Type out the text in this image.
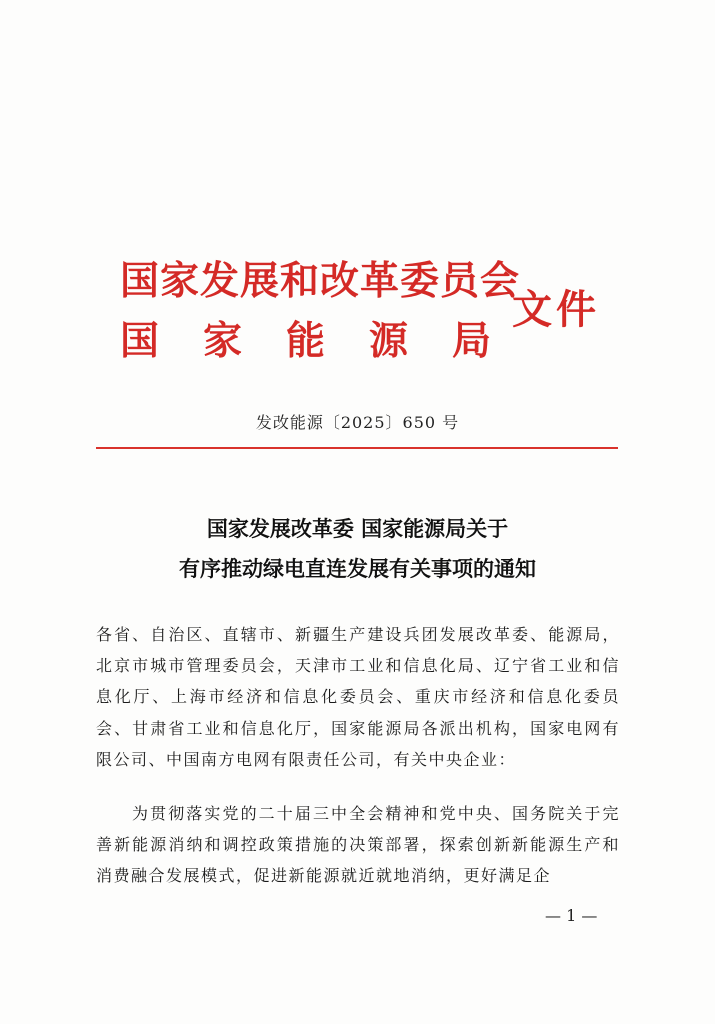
国家发展和改革委员会

国家能源局

文件

发改能源〔2025〕650 号
国家发展改革委 国家能源局关于
有序推动绿电直连发展有关事项的通知

各省、自治区、直辖市、新疆生产建设兵团发展改革委、能源局，北京市城市管理委员会，天津市工业和信息化局、辽宁省工业和信息化厅、上海市经济和信息化委员会、重庆市经济和信息化委员会、甘肃省工业和信息化厅，国家能源局各派出机构，国家电网有限公司、中国南方电网有限责任公司，有关中央企业：

为贯彻落实党的二十届三中全会精神和党中央、国务院关于完善新能源消纳和调控政策措施的决策部署，探索创新新能源生产和消费融合发展模式，促进新能源就近就地消纳，更好满足企

— 1 —
